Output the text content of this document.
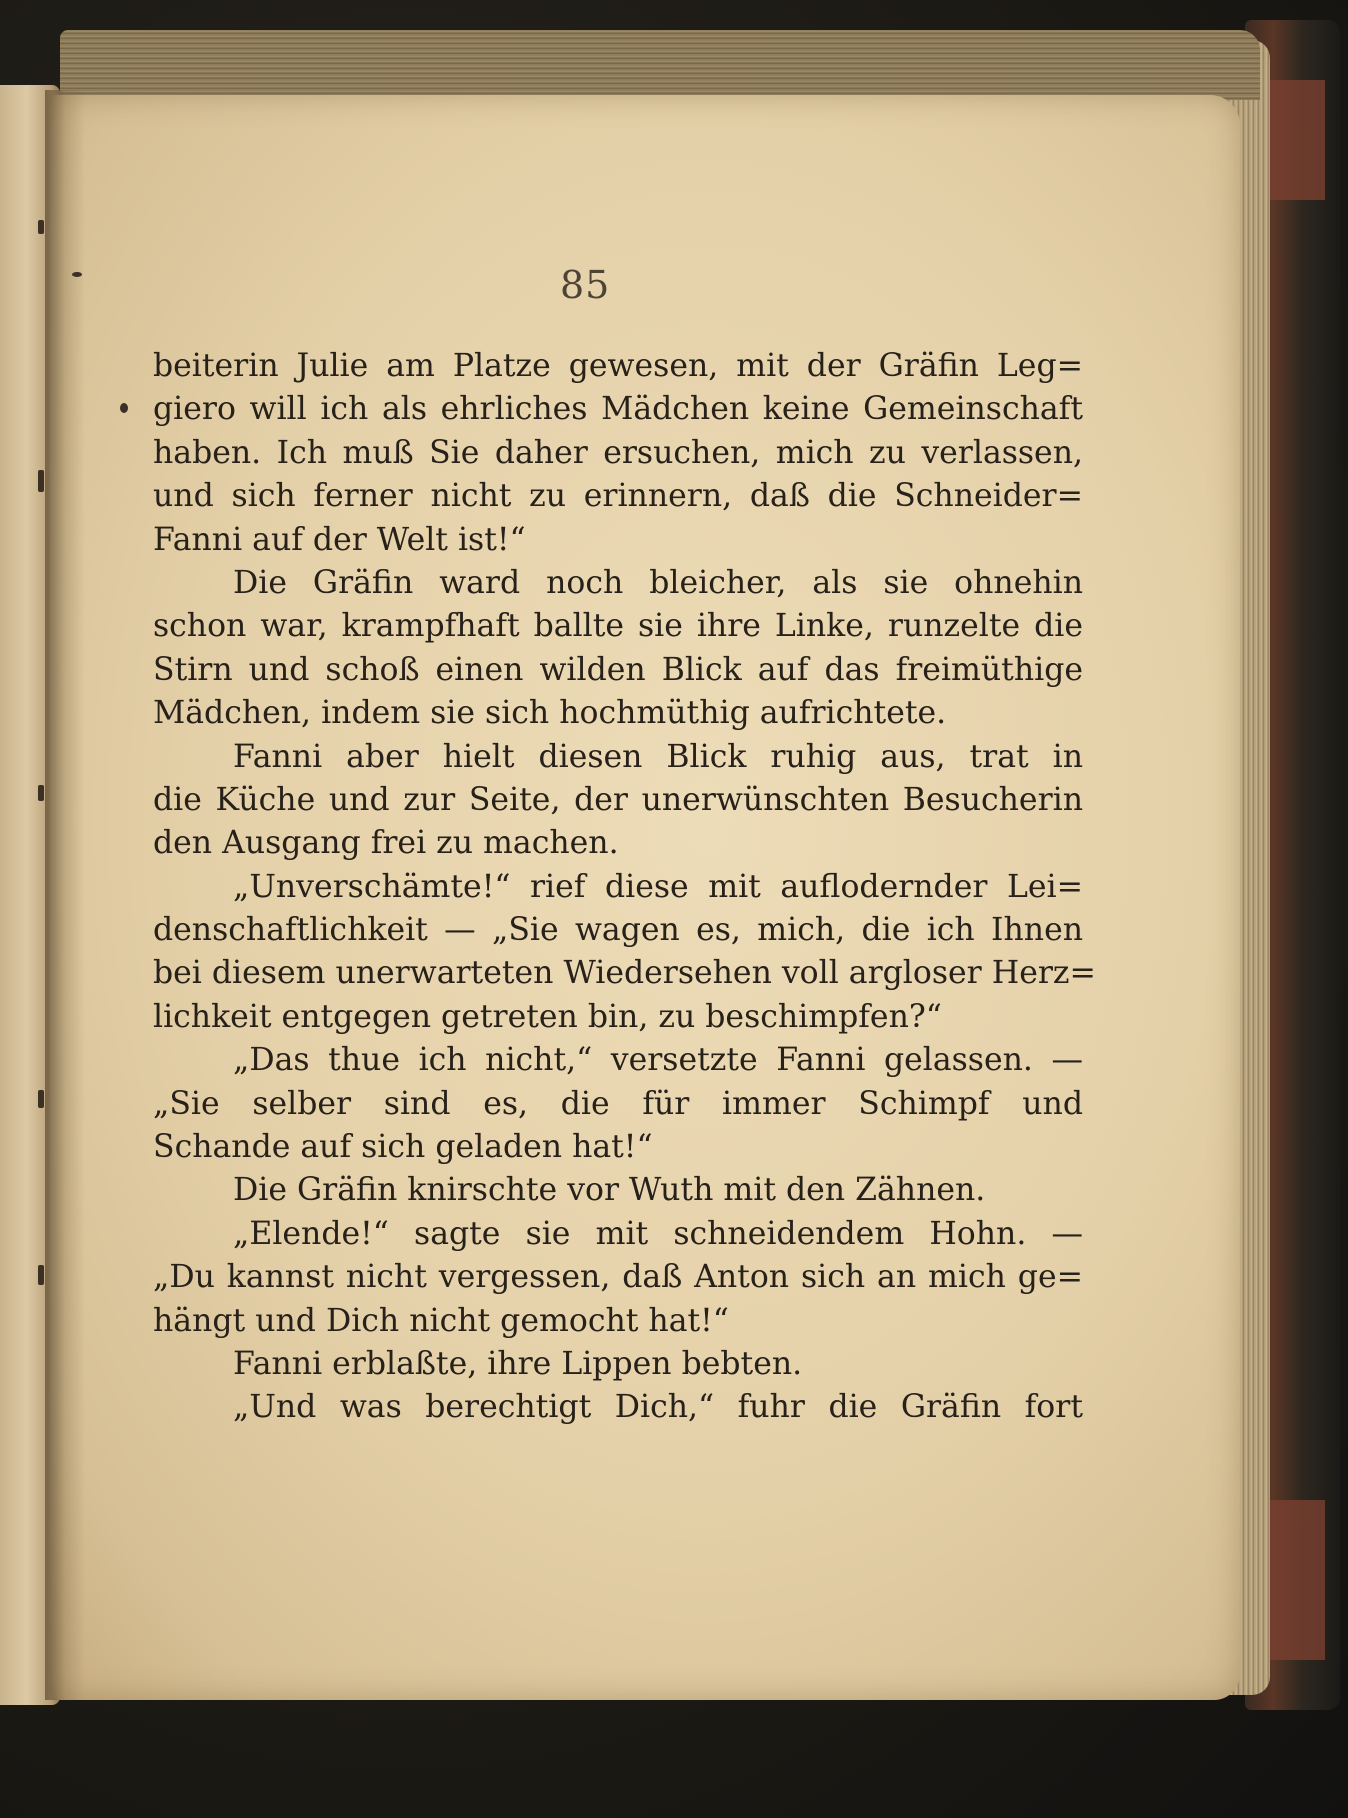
85
beiterin Julie am Platze gewesen, mit der Gräfin Leg=
giero will ich als ehrliches Mädchen keine Gemeinschaft
haben. Ich muß Sie daher ersuchen, mich zu verlassen,
und sich ferner nicht zu erinnern, daß die Schneider=
Fanni auf der Welt ist!“
Die Gräfin ward noch bleicher, als sie ohnehin
schon war, krampfhaft ballte sie ihre Linke, runzelte die
Stirn und schoß einen wilden Blick auf das freimüthige
Mädchen, indem sie sich hochmüthig aufrichtete.
Fanni aber hielt diesen Blick ruhig aus, trat in
die Küche und zur Seite, der unerwünschten Besucherin
den Ausgang frei zu machen.
„Unverschämte!“ rief diese mit auflodernder Lei=
denschaftlichkeit — „Sie wagen es, mich, die ich Ihnen
bei diesem unerwarteten Wiedersehen voll argloser Herz=
lichkeit entgegen getreten bin, zu beschimpfen?“
„Das thue ich nicht,“ versetzte Fanni gelassen. —
„Sie selber sind es, die für immer Schimpf und
Schande auf sich geladen hat!“
Die Gräfin knirschte vor Wuth mit den Zähnen.
„Elende!“ sagte sie mit schneidendem Hohn. —
„Du kannst nicht vergessen, daß Anton sich an mich ge=
hängt und Dich nicht gemocht hat!“
Fanni erblaßte, ihre Lippen bebten.
„Und was berechtigt Dich,“ fuhr die Gräfin fort
